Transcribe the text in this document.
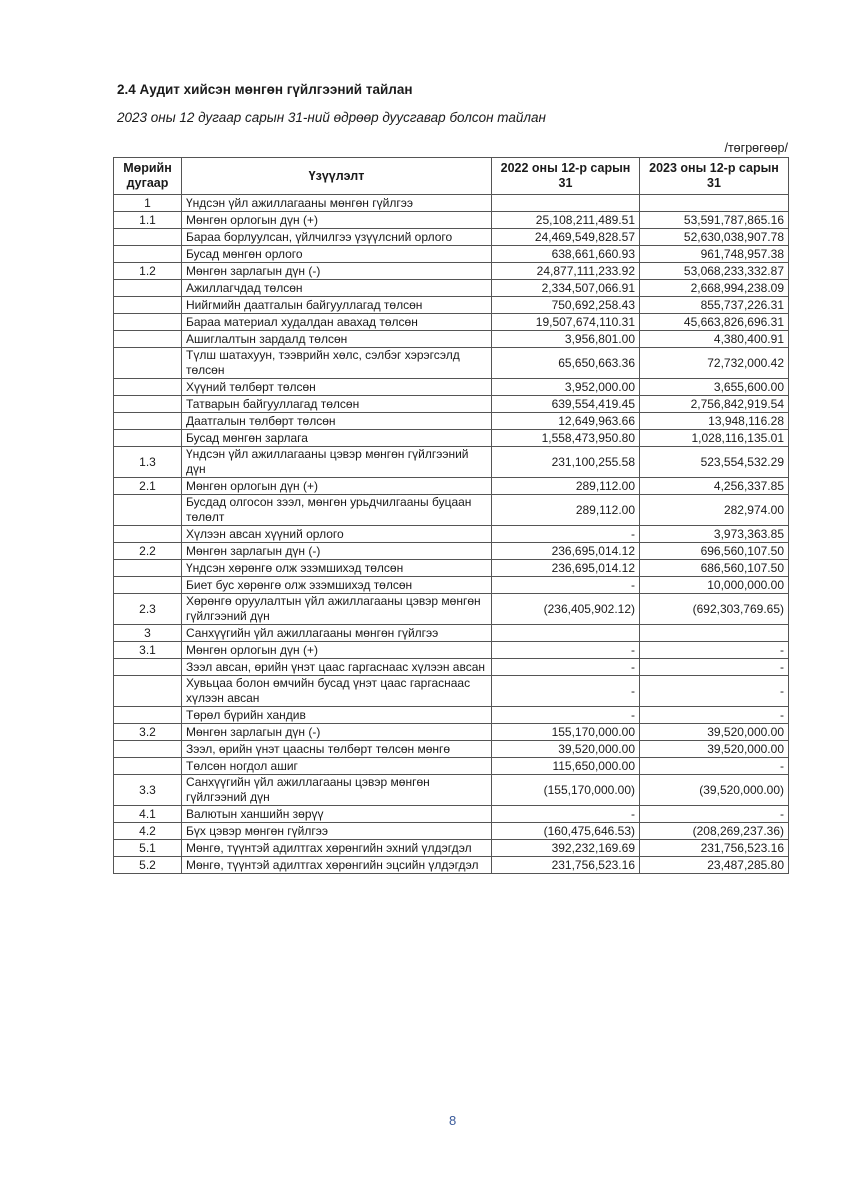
2.4 Аудит хийсэн мөнгөн гүйлгээний тайлан
2023 оны 12 дугаар сарын 31-ний өдрөөр дуусгавар болсон тайлан
/төгрөгөөр/
Мөрийн дугаар	Үзүүлэлт	2022 оны 12-р сарын 31	2023 оны 12-р сарын 31
1	Үндсэн үйл ажиллагааны мөнгөн гүйлгээ		
1.1	Мөнгөн орлогын дүн (+)	25,108,211,489.51	53,591,787,865.16
	Бараа борлуулсан, үйлчилгээ үзүүлсний орлого	24,469,549,828.57	52,630,038,907.78
	Бусад мөнгөн орлого	638,661,660.93	961,748,957.38
1.2	Мөнгөн зарлагын дүн (-)	24,877,111,233.92	53,068,233,332.87
	Ажиллагчдад төлсөн	2,334,507,066.91	2,668,994,238.09
	Нийгмийн даатгалын байгууллагад төлсөн	750,692,258.43	855,737,226.31
	Бараа материал худалдан авахад төлсөн	19,507,674,110.31	45,663,826,696.31
	Ашиглалтын зардалд төлсөн	3,956,801.00	4,380,400.91
	Түлш шатахуун, тээврийн хөлс, сэлбэг хэрэгсэлд төлсөн	65,650,663.36	72,732,000.42
	Хүүний төлбөрт төлсөн	3,952,000.00	3,655,600.00
	Татварын байгууллагад төлсөн	639,554,419.45	2,756,842,919.54
	Даатгалын төлбөрт төлсөн	12,649,963.66	13,948,116.28
	Бусад мөнгөн зарлага	1,558,473,950.80	1,028,116,135.01
1.3	Үндсэн үйл ажиллагааны цэвэр мөнгөн гүйлгээний дүн	231,100,255.58	523,554,532.29
2.1	Мөнгөн орлогын дүн (+)	289,112.00	4,256,337.85
	Бусдад олгосон зээл, мөнгөн урьдчилгааны буцаан төлөлт	289,112.00	282,974.00
	Хүлээн авсан хүүний орлого	-	3,973,363.85
2.2	Мөнгөн зарлагын дүн (-)	236,695,014.12	696,560,107.50
	Үндсэн хөрөнгө олж эзэмшихэд төлсөн	236,695,014.12	686,560,107.50
	Биет бус хөрөнгө олж эзэмшихэд төлсөн	-	10,000,000.00
2.3	Хөрөнгө оруулалтын үйл ажиллагааны цэвэр мөнгөн гүйлгээний дүн	(236,405,902.12)	(692,303,769.65)
3	Санхүүгийн үйл ажиллагааны мөнгөн гүйлгээ		
3.1	Мөнгөн орлогын дүн (+)	-	-
	Зээл авсан, өрийн үнэт цаас гаргаснаас хүлээн авсан	-	-
	Хувьцаа болон өмчийн бусад үнэт цаас гаргаснаас хүлээн авсан	-	-
	Төрөл бүрийн хандив	-	-
3.2	Мөнгөн зарлагын дүн (-)	155,170,000.00	39,520,000.00
	Зээл, өрийн үнэт цаасны төлбөрт төлсөн мөнгө	39,520,000.00	39,520,000.00
	Төлсөн ногдол ашиг	115,650,000.00	-
3.3	Санхүүгийн үйл ажиллагааны цэвэр мөнгөн гүйлгээний дүн	(155,170,000.00)	(39,520,000.00)
4.1	Валютын ханшийн зөрүү	-	-
4.2	Бүх цэвэр мөнгөн гүйлгээ	(160,475,646.53)	(208,269,237.36)
5.1	Мөнгө, түүнтэй адилтгах хөрөнгийн эхний үлдэгдэл	392,232,169.69	231,756,523.16
5.2	Мөнгө, түүнтэй адилтгах хөрөнгийн эцсийн үлдэгдэл	231,756,523.16	23,487,285.80
8
